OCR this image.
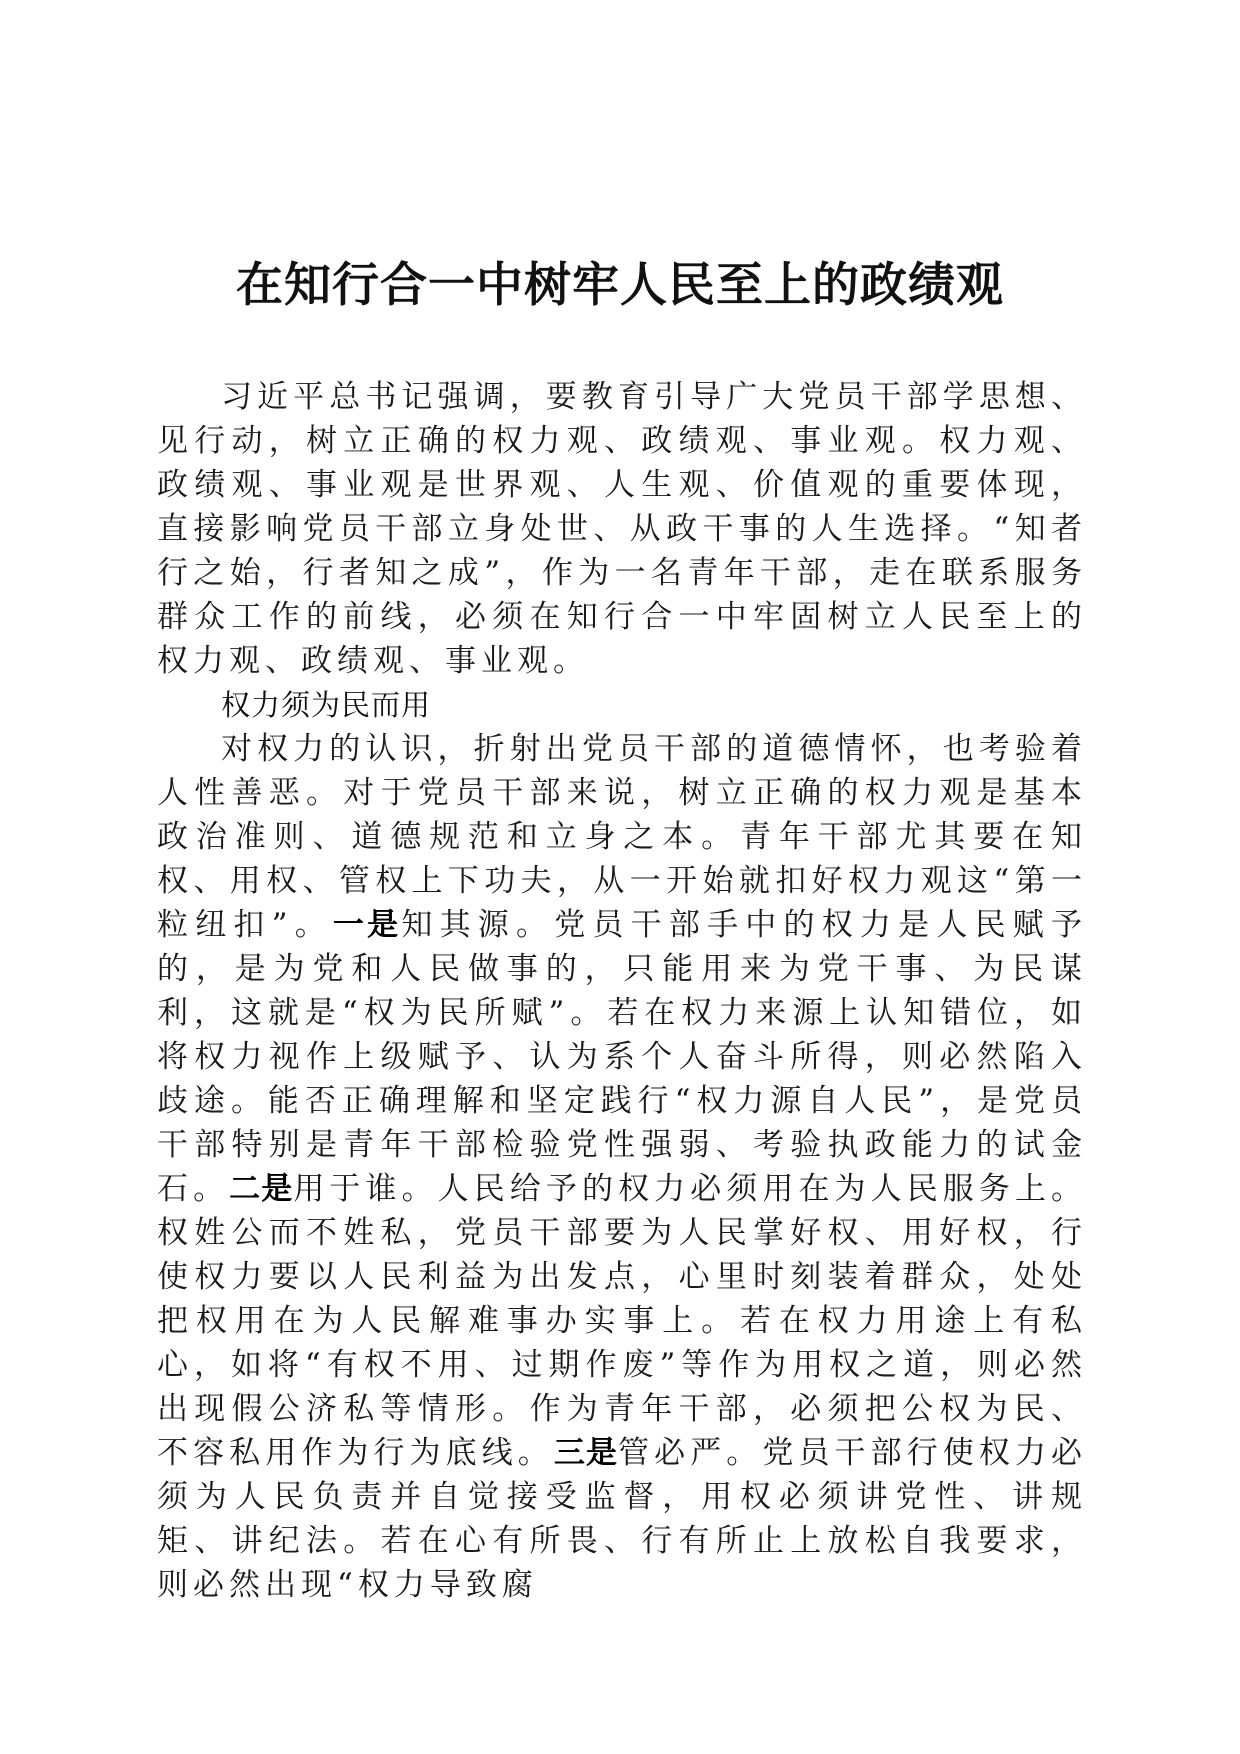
在知行合一中树牢人民至上的政绩观

习近平总书记强调，要教育引导广大党员干部学思想、见行动，树立正确的权力观、政绩观、事业观。权力观、政绩观、事业观是世界观、人生观、价值观的重要体现，直接影响党员干部立身处世、从政干事的人生选择。“知者行之始，行者知之成”，作为一名青年干部，走在联系服务群众工作的前线，必须在知行合一中牢固树立人民至上的权力观、政绩观、事业观。

权力须为民而用

对权力的认识，折射出党员干部的道德情怀，也考验着人性善恶。对于党员干部来说，树立正确的权力观是基本政治准则、道德规范和立身之本。青年干部尤其要在知权、用权、管权上下功夫，从一开始就扣好权力观这“第一粒纽扣”。一是知其源。党员干部手中的权力是人民赋予的，是为党和人民做事的，只能用来为党干事、为民谋利，这就是“权为民所赋”。若在权力来源上认知错位，如将权力视作上级赋予、认为系个人奋斗所得，则必然陷入歧途。能否正确理解和坚定践行“权力源自人民”，是党员干部特别是青年干部检验党性强弱、考验执政能力的试金石。二是用于谁。人民给予的权力必须用在为人民服务上。权姓公而不姓私，党员干部要为人民掌好权、用好权，行使权力要以人民利益为出发点，心里时刻装着群众，处处把权用在为人民解难事办实事上。若在权力用途上有私心，如将“有权不用、过期作废”等作为用权之道，则必然出现假公济私等情形。作为青年干部，必须把公权为民、不容私用作为行为底线。三是管必严。党员干部行使权力必须为人民负责并自觉接受监督，用权必须讲党性、讲规矩、讲纪法。若在心有所畏、行有所止上放松自我要求，则必然出现“权力导致腐
